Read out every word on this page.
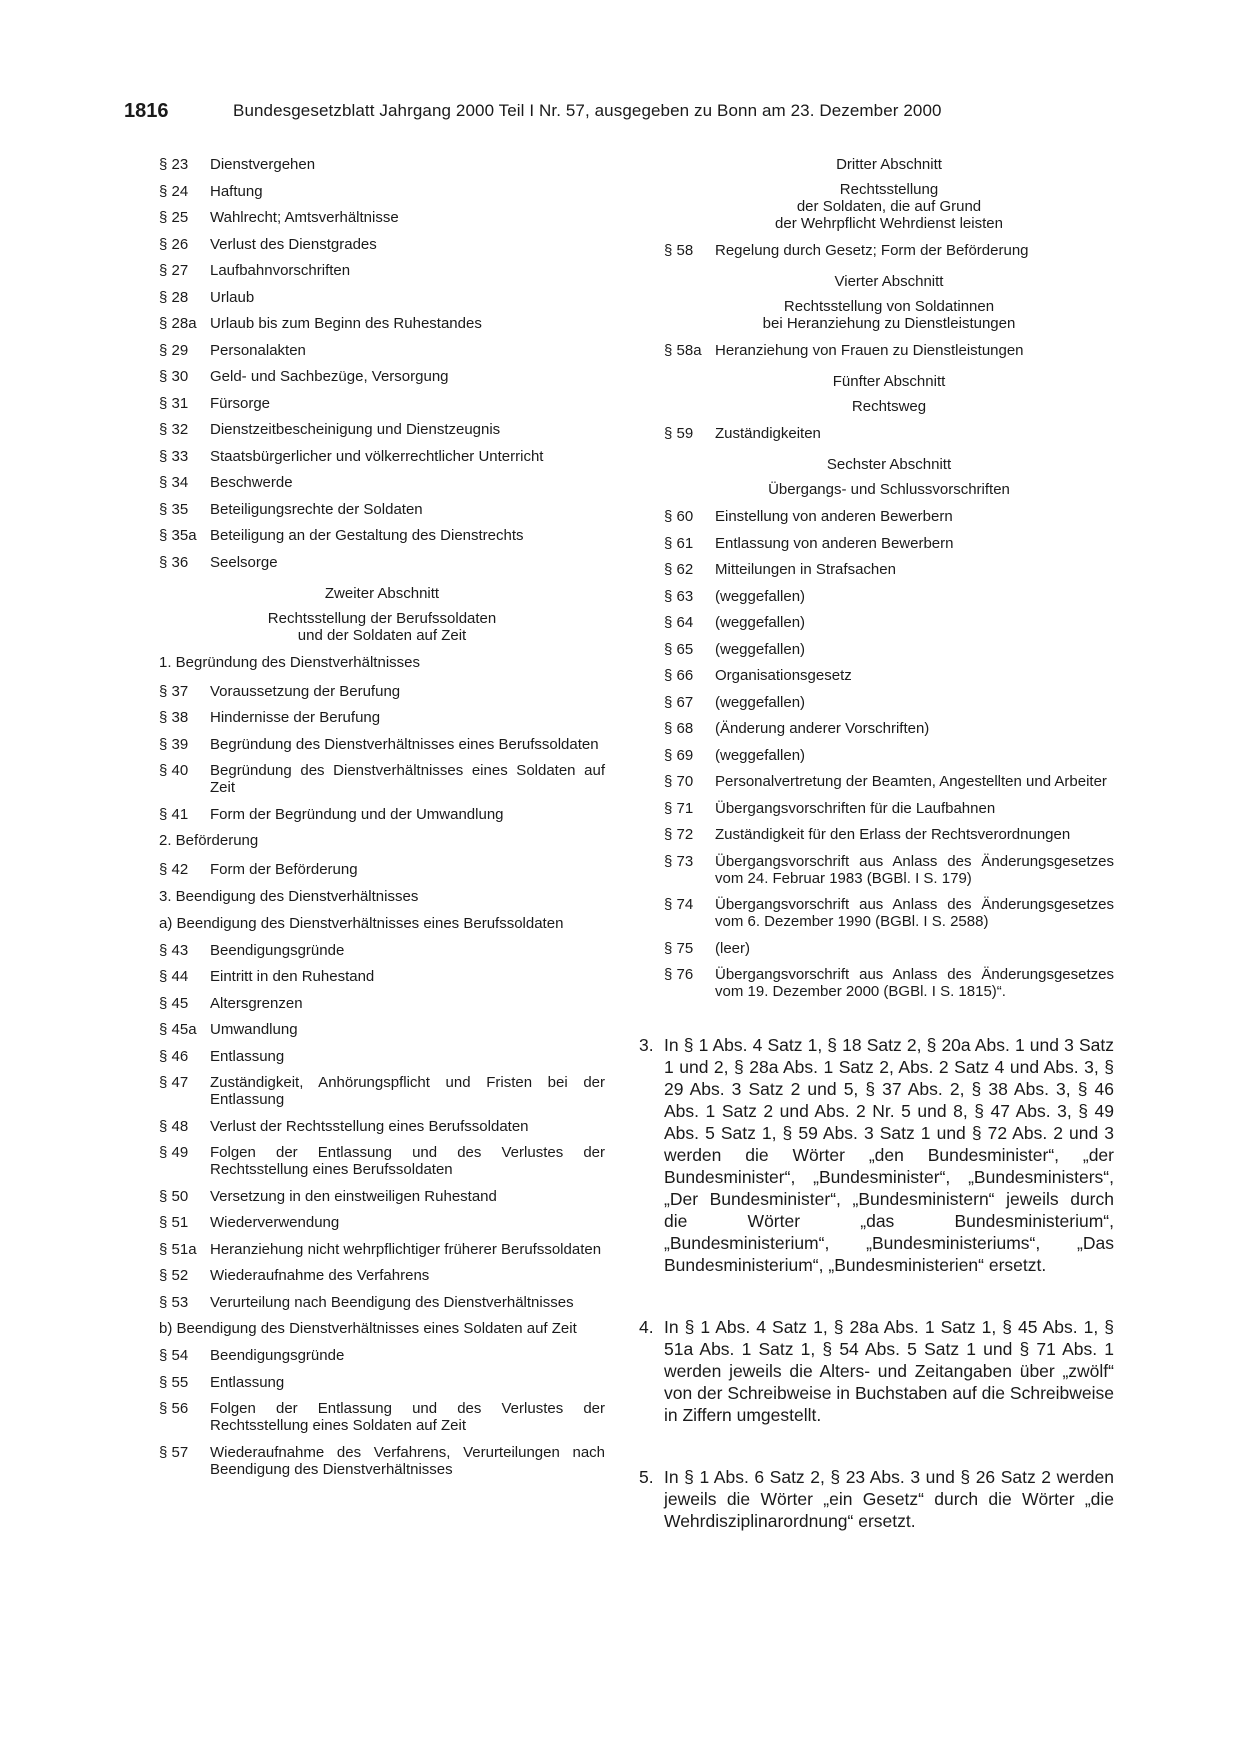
1816	Bundesgesetzblatt Jahrgang 2000 Teil I Nr. 57, ausgegeben zu Bonn am 23. Dezember 2000
§ 23 Dienstvergehen
§ 24 Haftung
§ 25 Wahlrecht; Amtsverhältnisse
§ 26 Verlust des Dienstgrades
§ 27 Laufbahnvorschriften
§ 28 Urlaub
§ 28a Urlaub bis zum Beginn des Ruhestandes
§ 29 Personalakten
§ 30 Geld- und Sachbezüge, Versorgung
§ 31 Fürsorge
§ 32 Dienstzeitbescheinigung und Dienstzeugnis
§ 33 Staatsbürgerlicher und völkerrechtlicher Unterricht
§ 34 Beschwerde
§ 35 Beteiligungsrechte der Soldaten
§ 35a Beteiligung an der Gestaltung des Dienstrechts
§ 36 Seelsorge
Zweiter Abschnitt
Rechtsstellung der Berufssoldaten
und der Soldaten auf Zeit
1. Begründung des Dienstverhältnisses
§ 37 Voraussetzung der Berufung
§ 38 Hindernisse der Berufung
§ 39 Begründung des Dienstverhältnisses eines Berufssoldaten
§ 40 Begründung des Dienstverhältnisses eines Soldaten auf Zeit
§ 41 Form der Begründung und der Umwandlung
2. Beförderung
§ 42 Form der Beförderung
3. Beendigung des Dienstverhältnisses
a) Beendigung des Dienstverhältnisses eines Berufssoldaten
§ 43 Beendigungsgründe
§ 44 Eintritt in den Ruhestand
§ 45 Altersgrenzen
§ 45a Umwandlung
§ 46 Entlassung
§ 47 Zuständigkeit, Anhörungspflicht und Fristen bei der Entlassung
§ 48 Verlust der Rechtsstellung eines Berufssoldaten
§ 49 Folgen der Entlassung und des Verlustes der Rechtsstellung eines Berufssoldaten
§ 50 Versetzung in den einstweiligen Ruhestand
§ 51 Wiederverwendung
§ 51a Heranziehung nicht wehrpflichtiger früherer Berufssoldaten
§ 52 Wiederaufnahme des Verfahrens
§ 53 Verurteilung nach Beendigung des Dienstverhältnisses
b) Beendigung des Dienstverhältnisses eines Soldaten auf Zeit
§ 54 Beendigungsgründe
§ 55 Entlassung
§ 56 Folgen der Entlassung und des Verlustes der Rechtsstellung eines Soldaten auf Zeit
§ 57 Wiederaufnahme des Verfahrens, Verurteilungen nach Beendigung des Dienstverhältnisses
Dritter Abschnitt
Rechtsstellung
der Soldaten, die auf Grund
der Wehrpflicht Wehrdienst leisten
§ 58 Regelung durch Gesetz; Form der Beförderung
Vierter Abschnitt
Rechtsstellung von Soldatinnen
bei Heranziehung zu Dienstleistungen
§ 58a Heranziehung von Frauen zu Dienstleistungen
Fünfter Abschnitt
Rechtsweg
§ 59 Zuständigkeiten
Sechster Abschnitt
Übergangs- und Schlussvorschriften
§ 60 Einstellung von anderen Bewerbern
§ 61 Entlassung von anderen Bewerbern
§ 62 Mitteilungen in Strafsachen
§ 63 (weggefallen)
§ 64 (weggefallen)
§ 65 (weggefallen)
§ 66 Organisationsgesetz
§ 67 (weggefallen)
§ 68 (Änderung anderer Vorschriften)
§ 69 (weggefallen)
§ 70 Personalvertretung der Beamten, Angestellten und Arbeiter
§ 71 Übergangsvorschriften für die Laufbahnen
§ 72 Zuständigkeit für den Erlass der Rechtsverordnungen
§ 73 Übergangsvorschrift aus Anlass des Änderungsgesetzes vom 24. Februar 1983 (BGBl. I S. 179)
§ 74 Übergangsvorschrift aus Anlass des Änderungsgesetzes vom 6. Dezember 1990 (BGBl. I S. 2588)
§ 75 (leer)
§ 76 Übergangsvorschrift aus Anlass des Änderungsgesetzes vom 19. Dezember 2000 (BGBl. I S. 1815)“.
3. In § 1 Abs. 4 Satz 1, § 18 Satz 2, § 20a Abs. 1 und 3 Satz 1 und 2, § 28a Abs. 1 Satz 2, Abs. 2 Satz 4 und Abs. 3, § 29 Abs. 3 Satz 2 und 5, § 37 Abs. 2, § 38 Abs. 3, § 46 Abs. 1 Satz 2 und Abs. 2 Nr. 5 und 8, § 47 Abs. 3, § 49 Abs. 5 Satz 1, § 59 Abs. 3 Satz 1 und § 72 Abs. 2 und 3 werden die Wörter „den Bundesminister“, „der Bundesminister“, „Bundesminister“, „Bundesministers“, „Der Bundesminister“, „Bundesministern“ jeweils durch die Wörter „das Bundesministerium“, „Bundesministerium“, „Bundesministeriums“, „Das Bundesministerium“, „Bundesministerien“ ersetzt.
4. In § 1 Abs. 4 Satz 1, § 28a Abs. 1 Satz 1, § 45 Abs. 1, § 51a Abs. 1 Satz 1, § 54 Abs. 5 Satz 1 und § 71 Abs. 1 werden jeweils die Alters- und Zeitangaben über „zwölf“ von der Schreibweise in Buchstaben auf die Schreibweise in Ziffern umgestellt.
5. In § 1 Abs. 6 Satz 2, § 23 Abs. 3 und § 26 Satz 2 werden jeweils die Wörter „ein Gesetz“ durch die Wörter „die Wehrdisziplinarordnung“ ersetzt.
